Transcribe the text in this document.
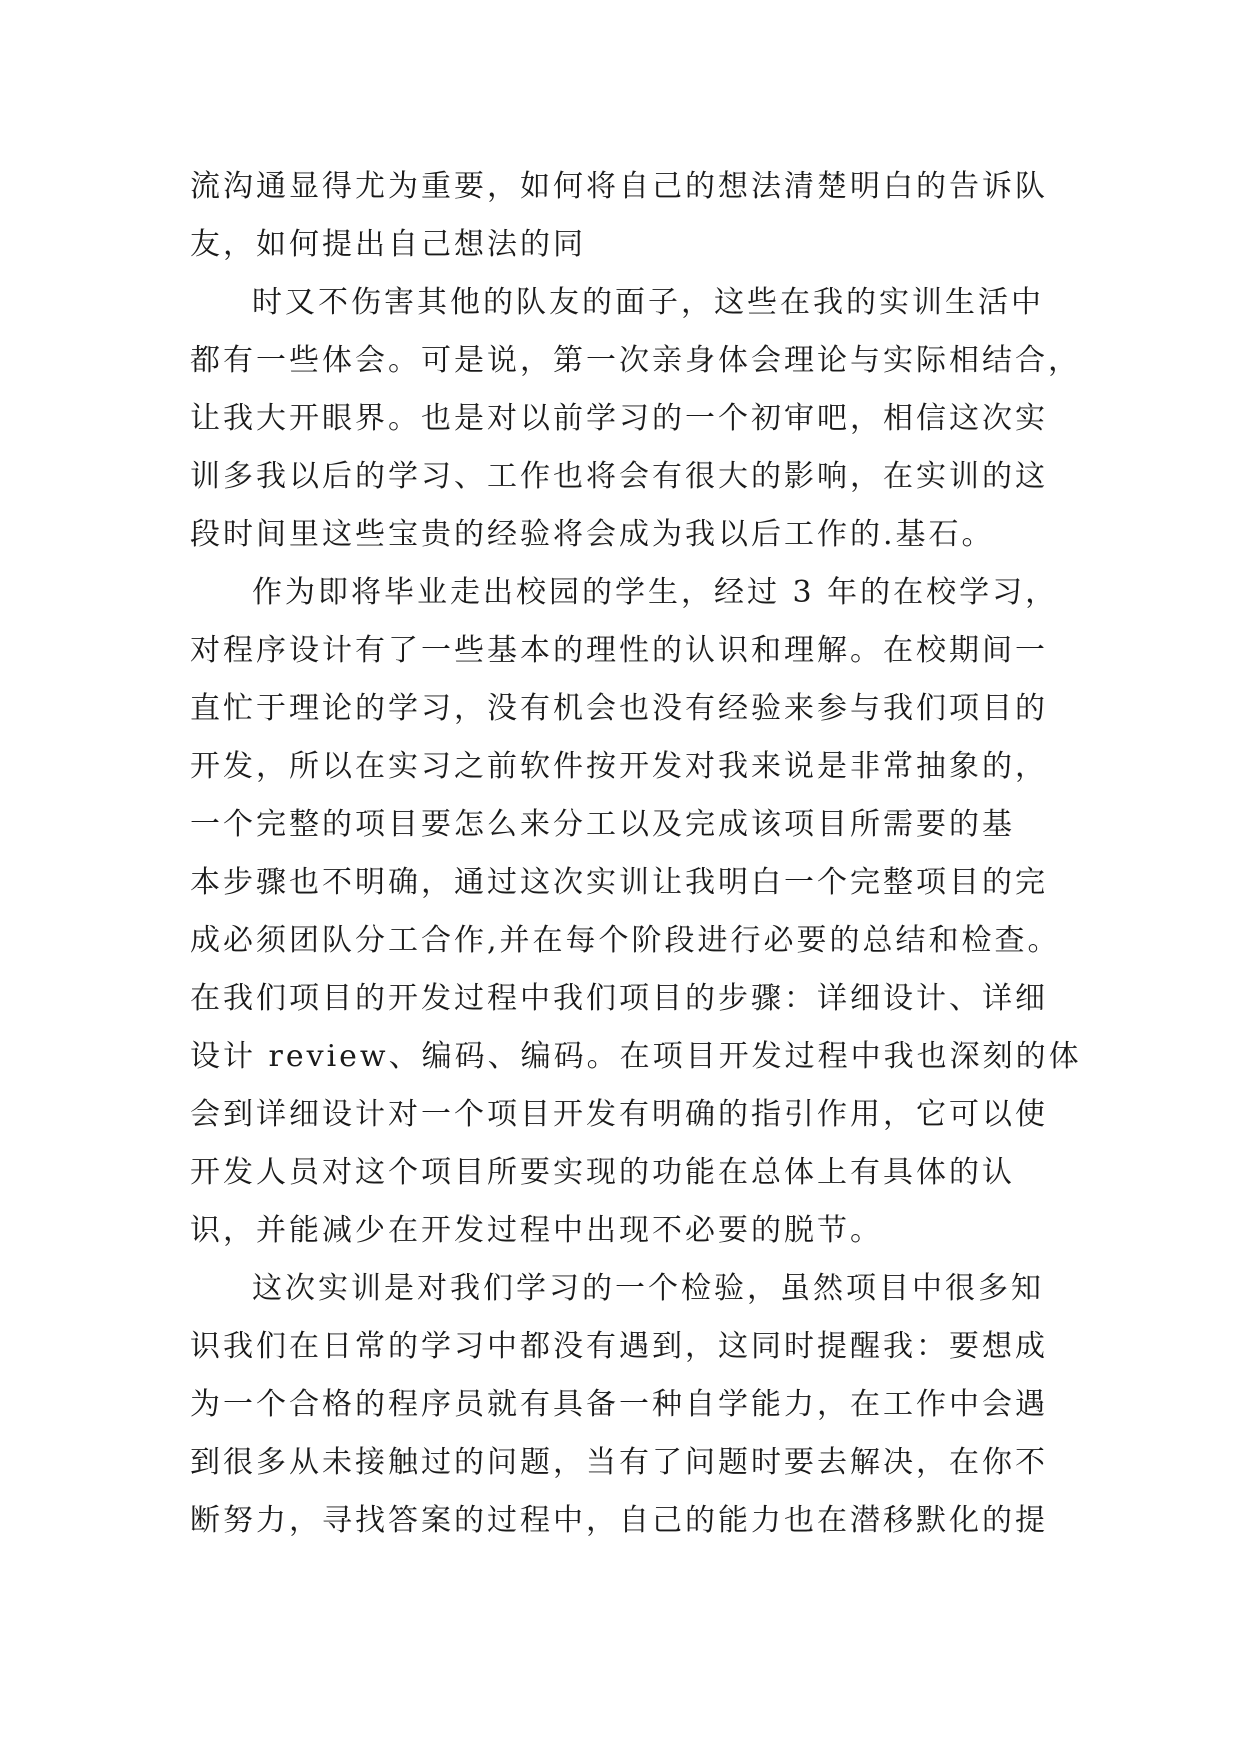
流沟通显得尤为重要，如何将自己的想法清楚明白的告诉队
友，如何提出自己想法的同
时又不伤害其他的队友的面子，这些在我的实训生活中
都有一些体会。可是说，第一次亲身体会理论与实际相结合，
让我大开眼界。也是对以前学习的一个初审吧，相信这次实
训多我以后的学习、工作也将会有很大的影响，在实训的这
段时间里这些宝贵的经验将会成为我以后工作的.基石。
作为即将毕业走出校园的学生，经过 3 年的在校学习，
对程序设计有了一些基本的理性的认识和理解。在校期间一
直忙于理论的学习，没有机会也没有经验来参与我们项目的
开发，所以在实习之前软件按开发对我来说是非常抽象的，
一个完整的项目要怎么来分工以及完成该项目所需要的基
本步骤也不明确，通过这次实训让我明白一个完整项目的完
成必须团队分工合作,并在每个阶段进行必要的总结和检查。
在我们项目的开发过程中我们项目的步骤：详细设计、详细
设计 review、编码、编码。在项目开发过程中我也深刻的体
会到详细设计对一个项目开发有明确的指引作用，它可以使
开发人员对这个项目所要实现的功能在总体上有具体的认
识，并能减少在开发过程中出现不必要的脱节。
这次实训是对我们学习的一个检验，虽然项目中很多知
识我们在日常的学习中都没有遇到，这同时提醒我：要想成
为一个合格的程序员就有具备一种自学能力，在工作中会遇
到很多从未接触过的问题，当有了问题时要去解决，在你不
断努力，寻找答案的过程中，自己的能力也在潜移默化的提
